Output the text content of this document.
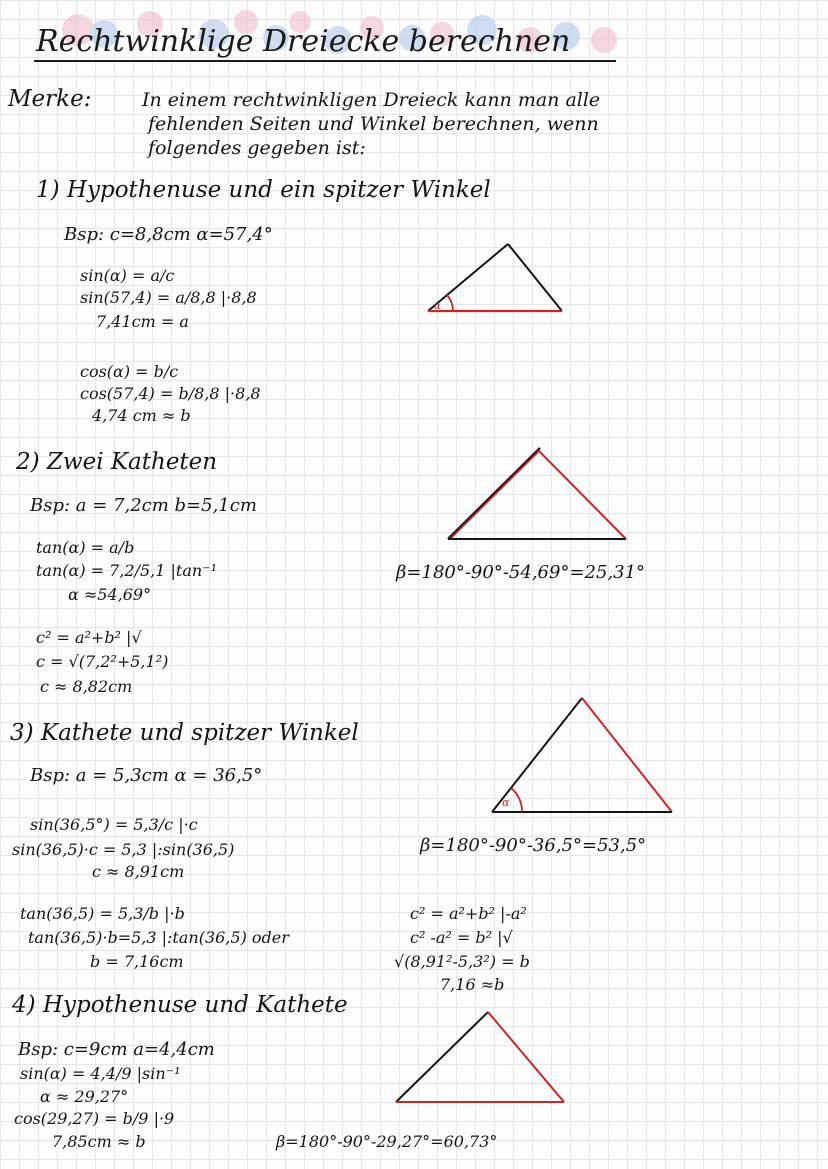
Rechtwinklige Dreiecke berechnen
Merke:	In einem rechtwinkligen Dreieck kann man alle
fehlenden Seiten und Winkel berechnen, wenn
folgendes gegeben ist:
1) Hypothenuse und ein spitzer Winkel
Bsp: c=8,8cm α=57,4°
sin(α) = a/c
sin(57,4) = a/8,8 |·8,8
7,41cm = a
cos(α) = b/c
cos(57,4) = b/8,8 |·8,8
4,74 cm ≈ b
α
2) Zwei Katheten
Bsp: a = 7,2cm b=5,1cm
tan(α) = a/b
tan(α) = 7,2/5,1 |tan⁻¹
α ≈54,69°
β=180°-90°-54,69°=25,31°
c² = a²+b² |√
c = √(7,2²+5,1²)
c ≈ 8,82cm
3) Kathete und spitzer Winkel
Bsp: a = 5,3cm α = 36,5°
sin(36,5°) = 5,3/c |·c
sin(36,5)·c = 5,3 |:sin(36,5)
c ≈ 8,91cm
β=180°-90°-36,5°=53,5°
tan(36,5) = 5,3/b |·b
tan(36,5)·b=5,3 |:tan(36,5) oder
b = 7,16cm
c² = a²+b² |-a²
c² -a² = b² |√
√(8,91²-5,3²) = b
7,16 ≈b
α
4) Hypothenuse und Kathete
Bsp: c=9cm a=4,4cm
sin(α) = 4,4/9 |sin⁻¹
α ≈ 29,27°
cos(29,27) = b/9 |·9
7,85cm ≈ b	β=180°-90°-29,27°=60,73°
